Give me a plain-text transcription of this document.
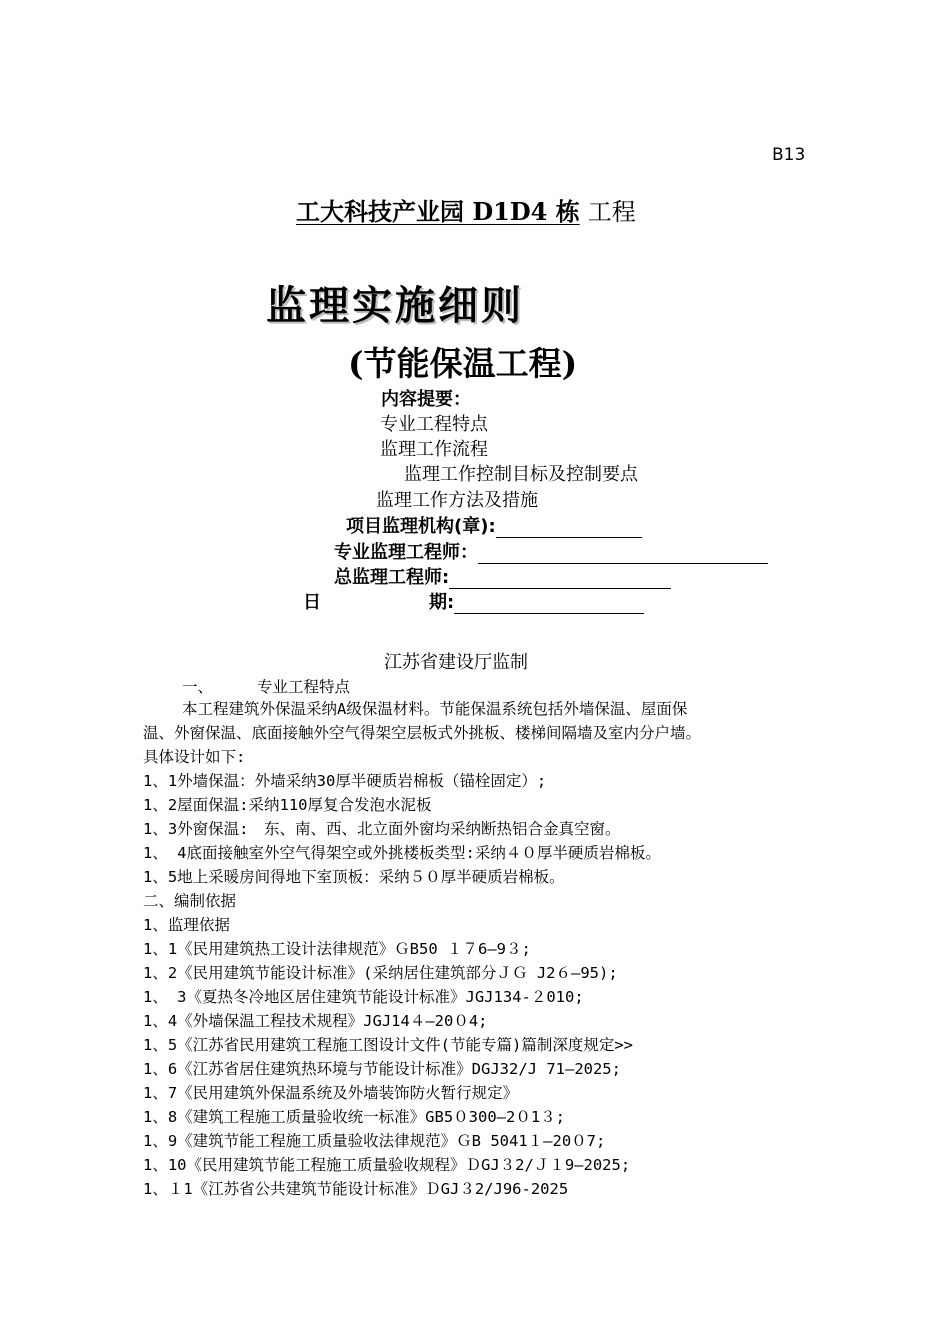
B13
工大科技产业园 D1D4 栋 工程
监理实施细则
(节能保温工程)
内容提要：
专业工程特点
监理工作流程
监理工作控制目标及控制要点
监理工作方法及措施
项目监理机构(章):
专业监理工程师：
总监理工程师:
日　　　　　　期:
江苏省建设厅监制
一、	专业工程特点

本工程建筑外保温采纳A级保温材料。节能保温系统包括外墙保温、屋面保

温、外窗保温、底面接触外空气得架空层板式外挑板、楼梯间隔墙及室内分户墙。

具体设计如下:

1、1外墙保温：外墙采纳30厚半硬质岩棉板（锚栓固定）;

1、2屋面保温:采纳110厚复合发泡水泥板

1、3外窗保温:　东、南、西、北立面外窗均采纳断热铝合金真空窗。

1、 4底面接触室外空气得架空或外挑楼板类型:采纳４０厚半硬质岩棉板。

1、5地上采暖房间得地下室顶板：采纳５０厚半硬质岩棉板。

二、编制依据

1、监理依据

1、1《民用建筑热工设计法律规范》ＧB50 １７6—9３;

1、2《民用建筑节能设计标准》(采纳居住建筑部分ＪＧ J2６—95);

1、 3《夏热冬冷地区居住建筑节能设计标准》JGJ134-２010;

1、4《外墙保温工程技术规程》JGJ14４—20０4;

1、5《江苏省民用建筑工程施工图设计文件(节能专篇)篇制深度规定>>

1、6《江苏省居住建筑热环境与节能设计标准》DGJ32/J 71—2025;

1、7《民用建筑外保温系统及外墙装饰防火暂行规定》

1、8《建筑工程施工质量验收统一标准》GB5０300—2０1３;

1、9《建筑节能工程施工质量验收法律规范》ＧB 5041１—20０7;

1、10《民用建筑节能工程施工质量验收规程》ＤGJ３2/Ｊ１9—2025;

1、１1《江苏省公共建筑节能设计标准》ＤGJ３2/J96-2025
